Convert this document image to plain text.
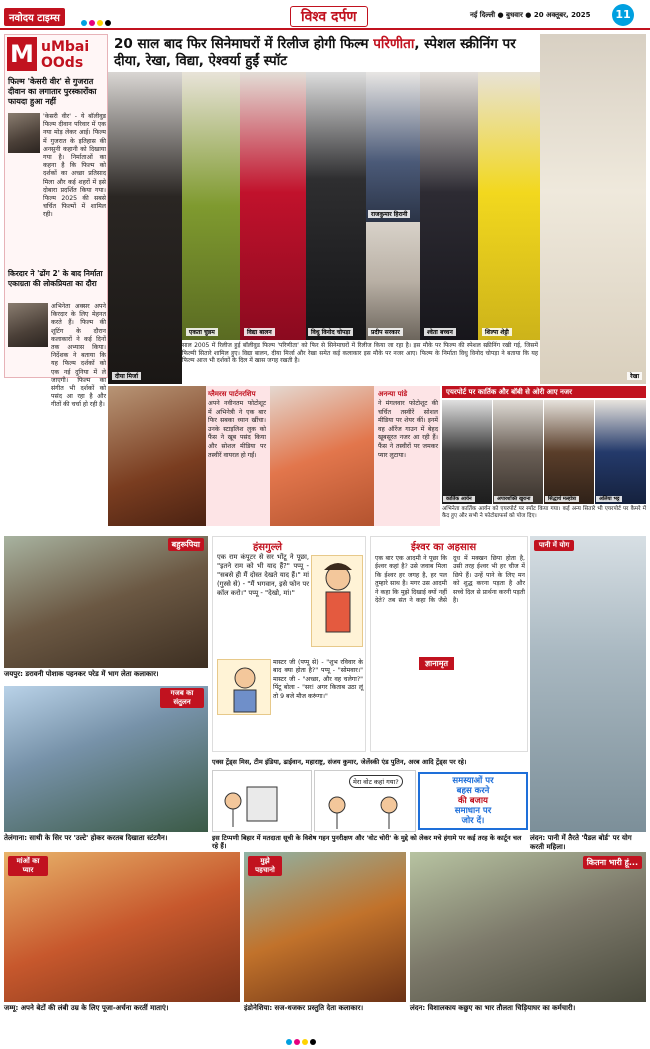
नवोदय टाइम्स	विश्व दर्पण	नई दिल्ली ● बुधवार ● 20 अक्तूबर, 2025	11
M uMbai
OOds
फिल्म 'केसरी वीर' से गुजरात दीवान का लगातार पुरस्कारोंका फायदा हुआ नहीं
'केसरी वीर' - ये बॉलीवुड फिल्म दीवान परिवार में एक नया मोड़ लेकर आई। फिल्म में गुजरात के इतिहास की अनसुनी कहानी को दिखाया गया है। निर्माताओं का कहना है कि फिल्म को दर्शकों का अच्छा प्रतिसाद मिला और कई शहरों में इसे दोबारा प्रदर्शित किया गया। फिल्म 2025 की सबसे चर्चित फिल्मों में शामिल रही।
किरदार ने 'ढोंग 2' के बाद निर्माता एकाग्रता की लोकप्रियता का दौरा
अभिनेता अक्सर अपने किरदार के लिए मेहनत करते हैं। फिल्म की शूटिंग के दौरान कलाकारों ने कई दिनों तक अभ्यास किया। निर्देशक ने बताया कि यह फिल्म दर्शकों को एक नई दुनिया में ले जाएगी। फिल्म का संगीत भी दर्शकों को पसंद आ रहा है और गीतों की चर्चा हो रही है।
20 साल बाद फिर सिनेमाघरों में रिलीज होगी फिल्म परिणीता, स्पेशल स्क्रीनिंग पर दीया, रेखा, विद्या, ऐश्वर्या हुईं स्पॉट
दीया मिर्जा
एकता चुन्नम	विद्या बालन	विधु विनोद चोपड़ा
राजकुमार हिरानी
प्रदीप सरकार	श्वेता बच्चन	शिल्पा शेट्टी
रेखा
साल 2005 में रिलीज हुई बॉलीवुड फिल्म 'परिणीता' को फिर से सिनेमाघरों में रिलीज किया जा रहा है। इस मौके पर फिल्म की स्पेशल स्क्रीनिंग रखी गई, जिसमें फिल्मी सितारे शामिल हुए। विद्या बालन, दीया मिर्जा और रेखा समेत कई कलाकार इस मौके पर नजर आए। फिल्म के निर्माता विधु विनोद चोपड़ा ने बताया कि यह फिल्म आज भी दर्शकों के दिल में खास जगह रखती है।
ग्लैमरस पार्टनरशिप
अपने नवीनतम फोटोशूट में अभिनेत्री ने एक बार फिर सबका ध्यान खींचा। उनके स्टाइलिश लुक को फैंस ने खूब पसंद किया और सोशल मीडिया पर तस्वीरें वायरल हो गईं।
अनन्या पांडे
ने मंगलवार फोटोशूट की चर्चित तस्वीरें सोशल मीडिया पर शेयर कीं। इनमें वह ऑरेंज गाउन में बेहद खूबसूरत नजर आ रही हैं। फैंस ने तस्वीरों पर जमकर प्यार लुटाया।
एयरपोर्ट पर कार्तिक और बॉबी से ओरी आए नजर
कार्तिक आर्यन	अपारशक्ति खुराना	सिद्धार्थ मल्होत्रा	अलिया भट्ट
अभिनेता कार्तिक आर्यन को एयरपोर्ट पर स्पॉट किया गया। कई अन्य सितारे भी एयरपोर्ट पर कैमरे में कैद हुए और सभी ने फोटोग्राफर्स को पोज दिए।
बहुरूपिया
जयपुर: डरावनी पोशाक पहनकर परेड में भाग लेता कलाकार।
गजब का संतुलन
तेलंगाना: साथी के सिर पर 'उल्टे' होकर करतब दिखाता स्टंटमैन।
हंसगुल्ले
एक राम कंपूटर से सर भोंटू ने पूछा, "इतने राम को भी याद हैं?" पप्पू - "सबसे ही मैं दोस्त देखते याद हैं।" मां (गुस्से से) - "मैं भगवान, इसे फोन पर कॉल करो।" पप्पू - "देखो, मां।"
मास्टर जी (पप्पू से) - "शुभ रविवार के बाद क्या होता है?" पप्पू - "सोमवार।" मास्टर जी - "अच्छा, और वह चलेगा?" पिंटू बोला - "सर! अगर किताब उठा लूं तो 9 बजे मौज करूंगा।"
ईश्वर का अहसास
एक बार एक आदमी ने पूछा कि ईश्वर कहां है? उसे जवाब मिला कि ईश्वर हर जगह है, हर पल तुम्हारे साथ है। मगर उस आदमी ने कहा कि मुझे दिखाई क्यों नहीं देते? तब संत ने कहा कि जैसे दूध में मक्खन छिपा होता है, उसी तरह ईश्वर भी हर चीज में छिपे हैं। उन्हें पाने के लिए मन को शुद्ध करना पड़ता है और सच्चे दिल से प्रार्थना करनी पड़ती है।
ज्ञानामृत
पानी में योग
लंदन: पानी में तैरते 'पैडल बोर्ड' पर योग करती महिला।
एक्स ट्रेंड्स मिस, टीम इंडिया, ढाईवान, महाराष्ट्र, संजय कुमार, जेलेंस्की एंड पुतिन, अरब आदि ट्रेंड्स पर रहे।
मेरा वोट कहां गया?	समस्याओं पर
बहस करने
की बजाय
समाधान पर
जोर दें।
इस टिप्पणी बिहार में मतदाता सूची के विशेष गहन पुनरीक्षण और 'वोट चोरी' के मुद्दे को लेकर मचे हंगामे पर कई तरह के कार्टून चल रहे हैं।
मांओं का प्यार
जम्मू: अपने बेटों की लंबी उम्र के लिए पूजा-अर्चना करतीं माताएं।
मुझे पहचानो
इंडोनेशिया: सज-धजकर प्रस्तुति देता कलाकार।
कितना भारी हूं...
लंदन: विशालकाय कछुए का भार तौलता चिड़ियाघर का कर्मचारी।
